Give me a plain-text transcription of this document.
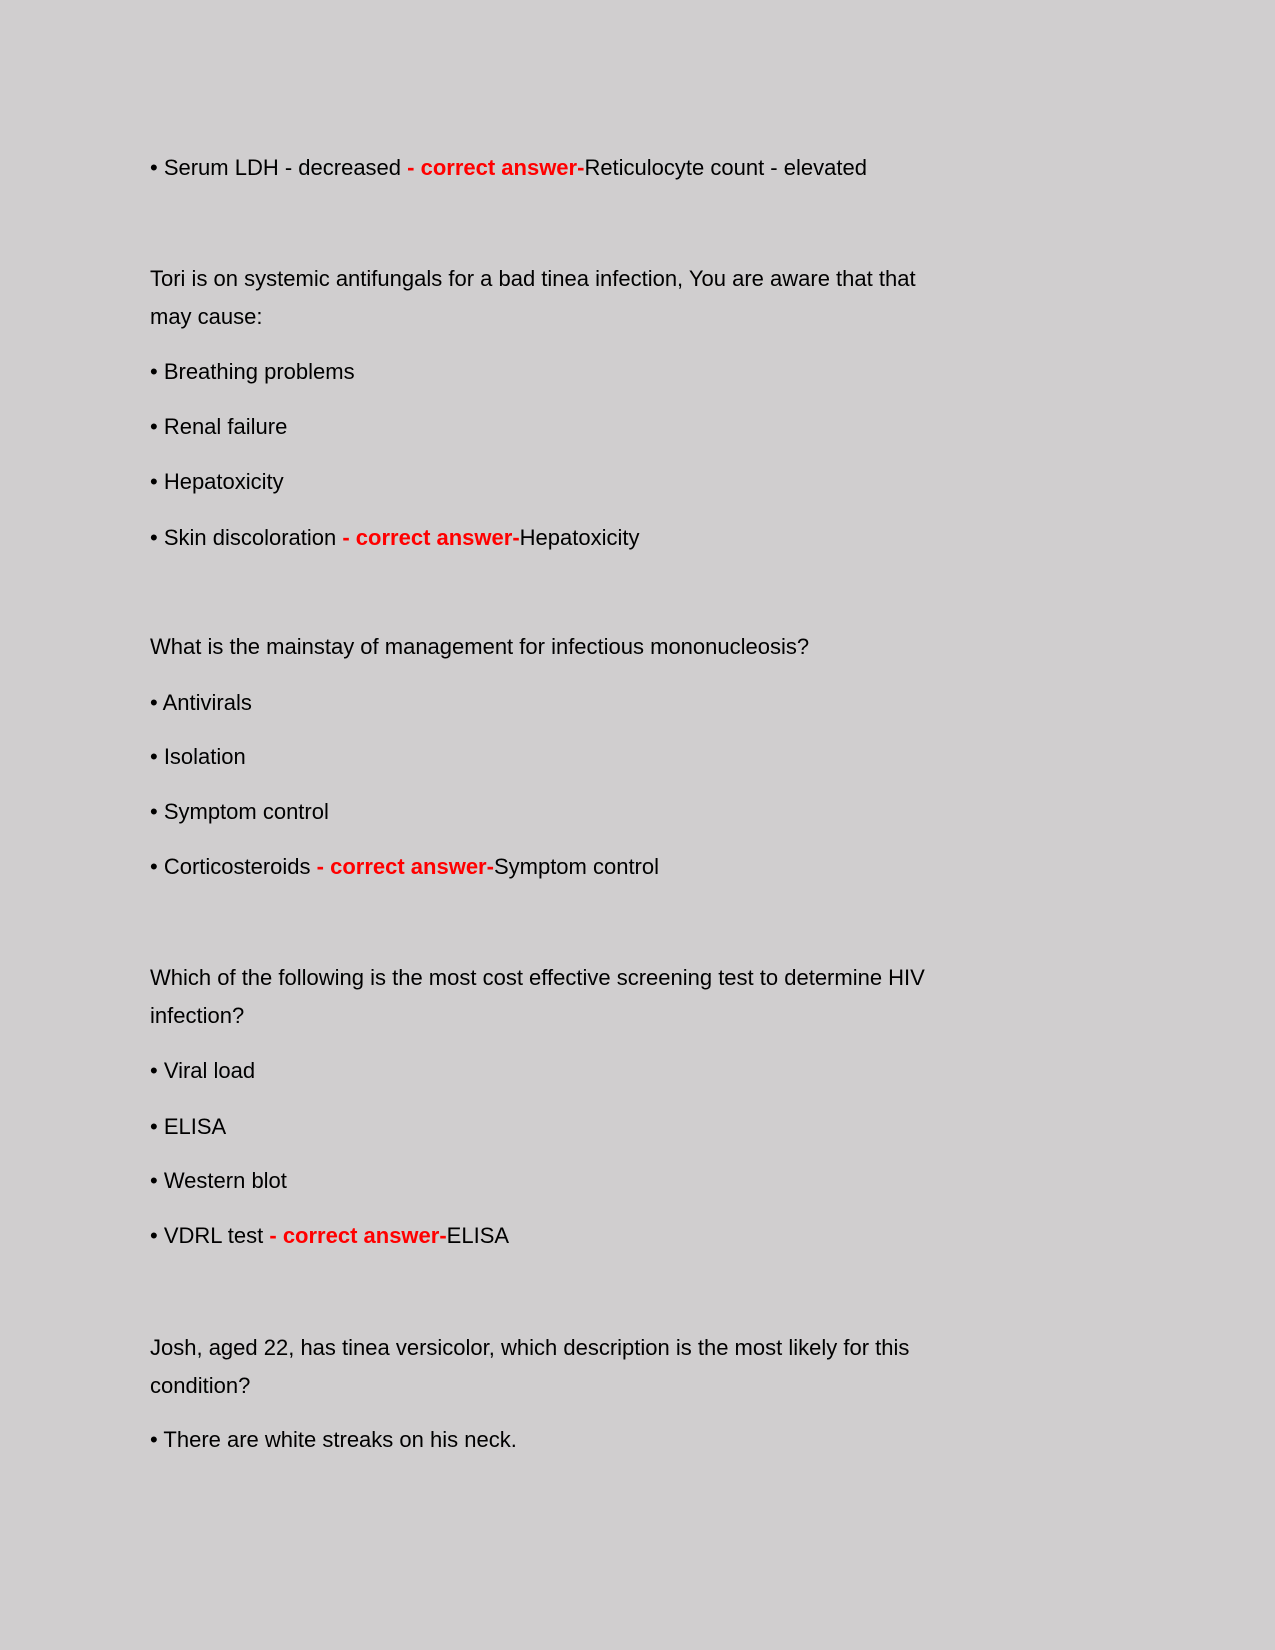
• Serum LDH - decreased - correct answer-Reticulocyte count - elevated
Tori is on systemic antifungals for a bad tinea infection, You are aware that that
may cause:
• Breathing problems
• Renal failure
• Hepatoxicity
• Skin discoloration - correct answer-Hepatoxicity
What is the mainstay of management for infectious mononucleosis?
• Antivirals
• Isolation
• Symptom control
• Corticosteroids - correct answer-Symptom control
Which of the following is the most cost effective screening test to determine HIV
infection?
• Viral load
• ELISA
• Western blot
• VDRL test - correct answer-ELISA
Josh, aged 22, has tinea versicolor, which description is the most likely for this
condition?
• There are white streaks on his neck.
